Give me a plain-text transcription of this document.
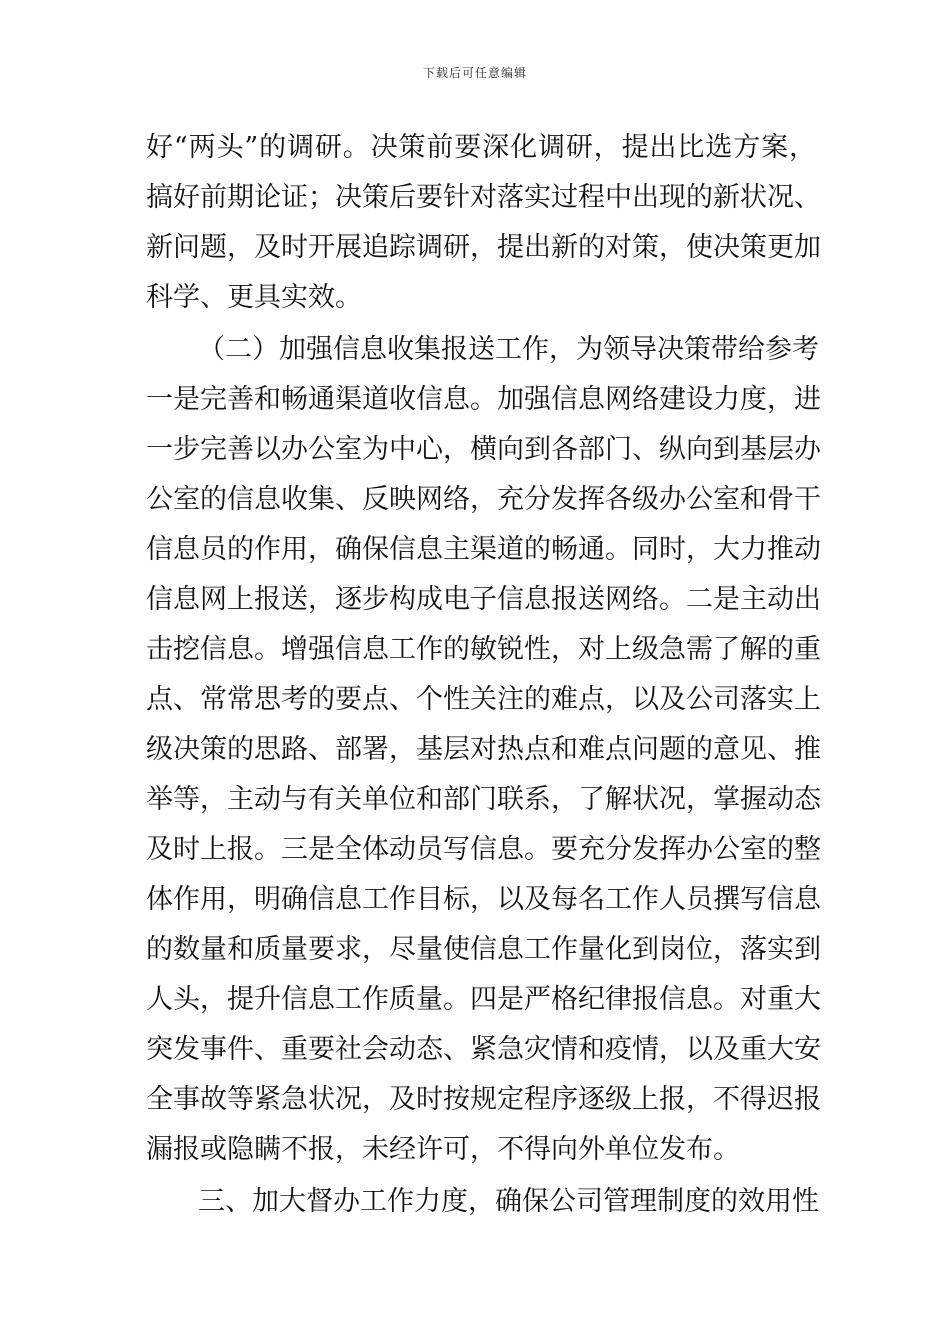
下载后可任意编辑
好“两头”的调研。决策前要深化调研，提出比选方案，
搞好前期论证；决策后要针对落实过程中出现的新状况、
新问题，及时开展追踪调研，提出新的对策，使决策更加
科学、更具实效。
（二）加强信息收集报送工作，为领导决策带给参考
一是完善和畅通渠道收信息。加强信息网络建设力度，进
一步完善以办公室为中心，横向到各部门、纵向到基层办
公室的信息收集、反映网络，充分发挥各级办公室和骨干
信息员的作用，确保信息主渠道的畅通。同时，大力推动
信息网上报送，逐步构成电子信息报送网络。二是主动出
击挖信息。增强信息工作的敏锐性，对上级急需了解的重
点、常常思考的要点、个性关注的难点，以及公司落实上
级决策的思路、部署，基层对热点和难点问题的意见、推
举等，主动与有关单位和部门联系，了解状况，掌握动态
及时上报。三是全体动员写信息。要充分发挥办公室的整
体作用，明确信息工作目标，以及每名工作人员撰写信息
的数量和质量要求，尽量使信息工作量化到岗位，落实到
人头，提升信息工作质量。四是严格纪律报信息。对重大
突发事件、重要社会动态、紧急灾情和疫情，以及重大安
全事故等紧急状况，及时按规定程序逐级上报，不得迟报
漏报或隐瞒不报，未经许可，不得向外单位发布。
三、加大督办工作力度，确保公司管理制度的效用性
